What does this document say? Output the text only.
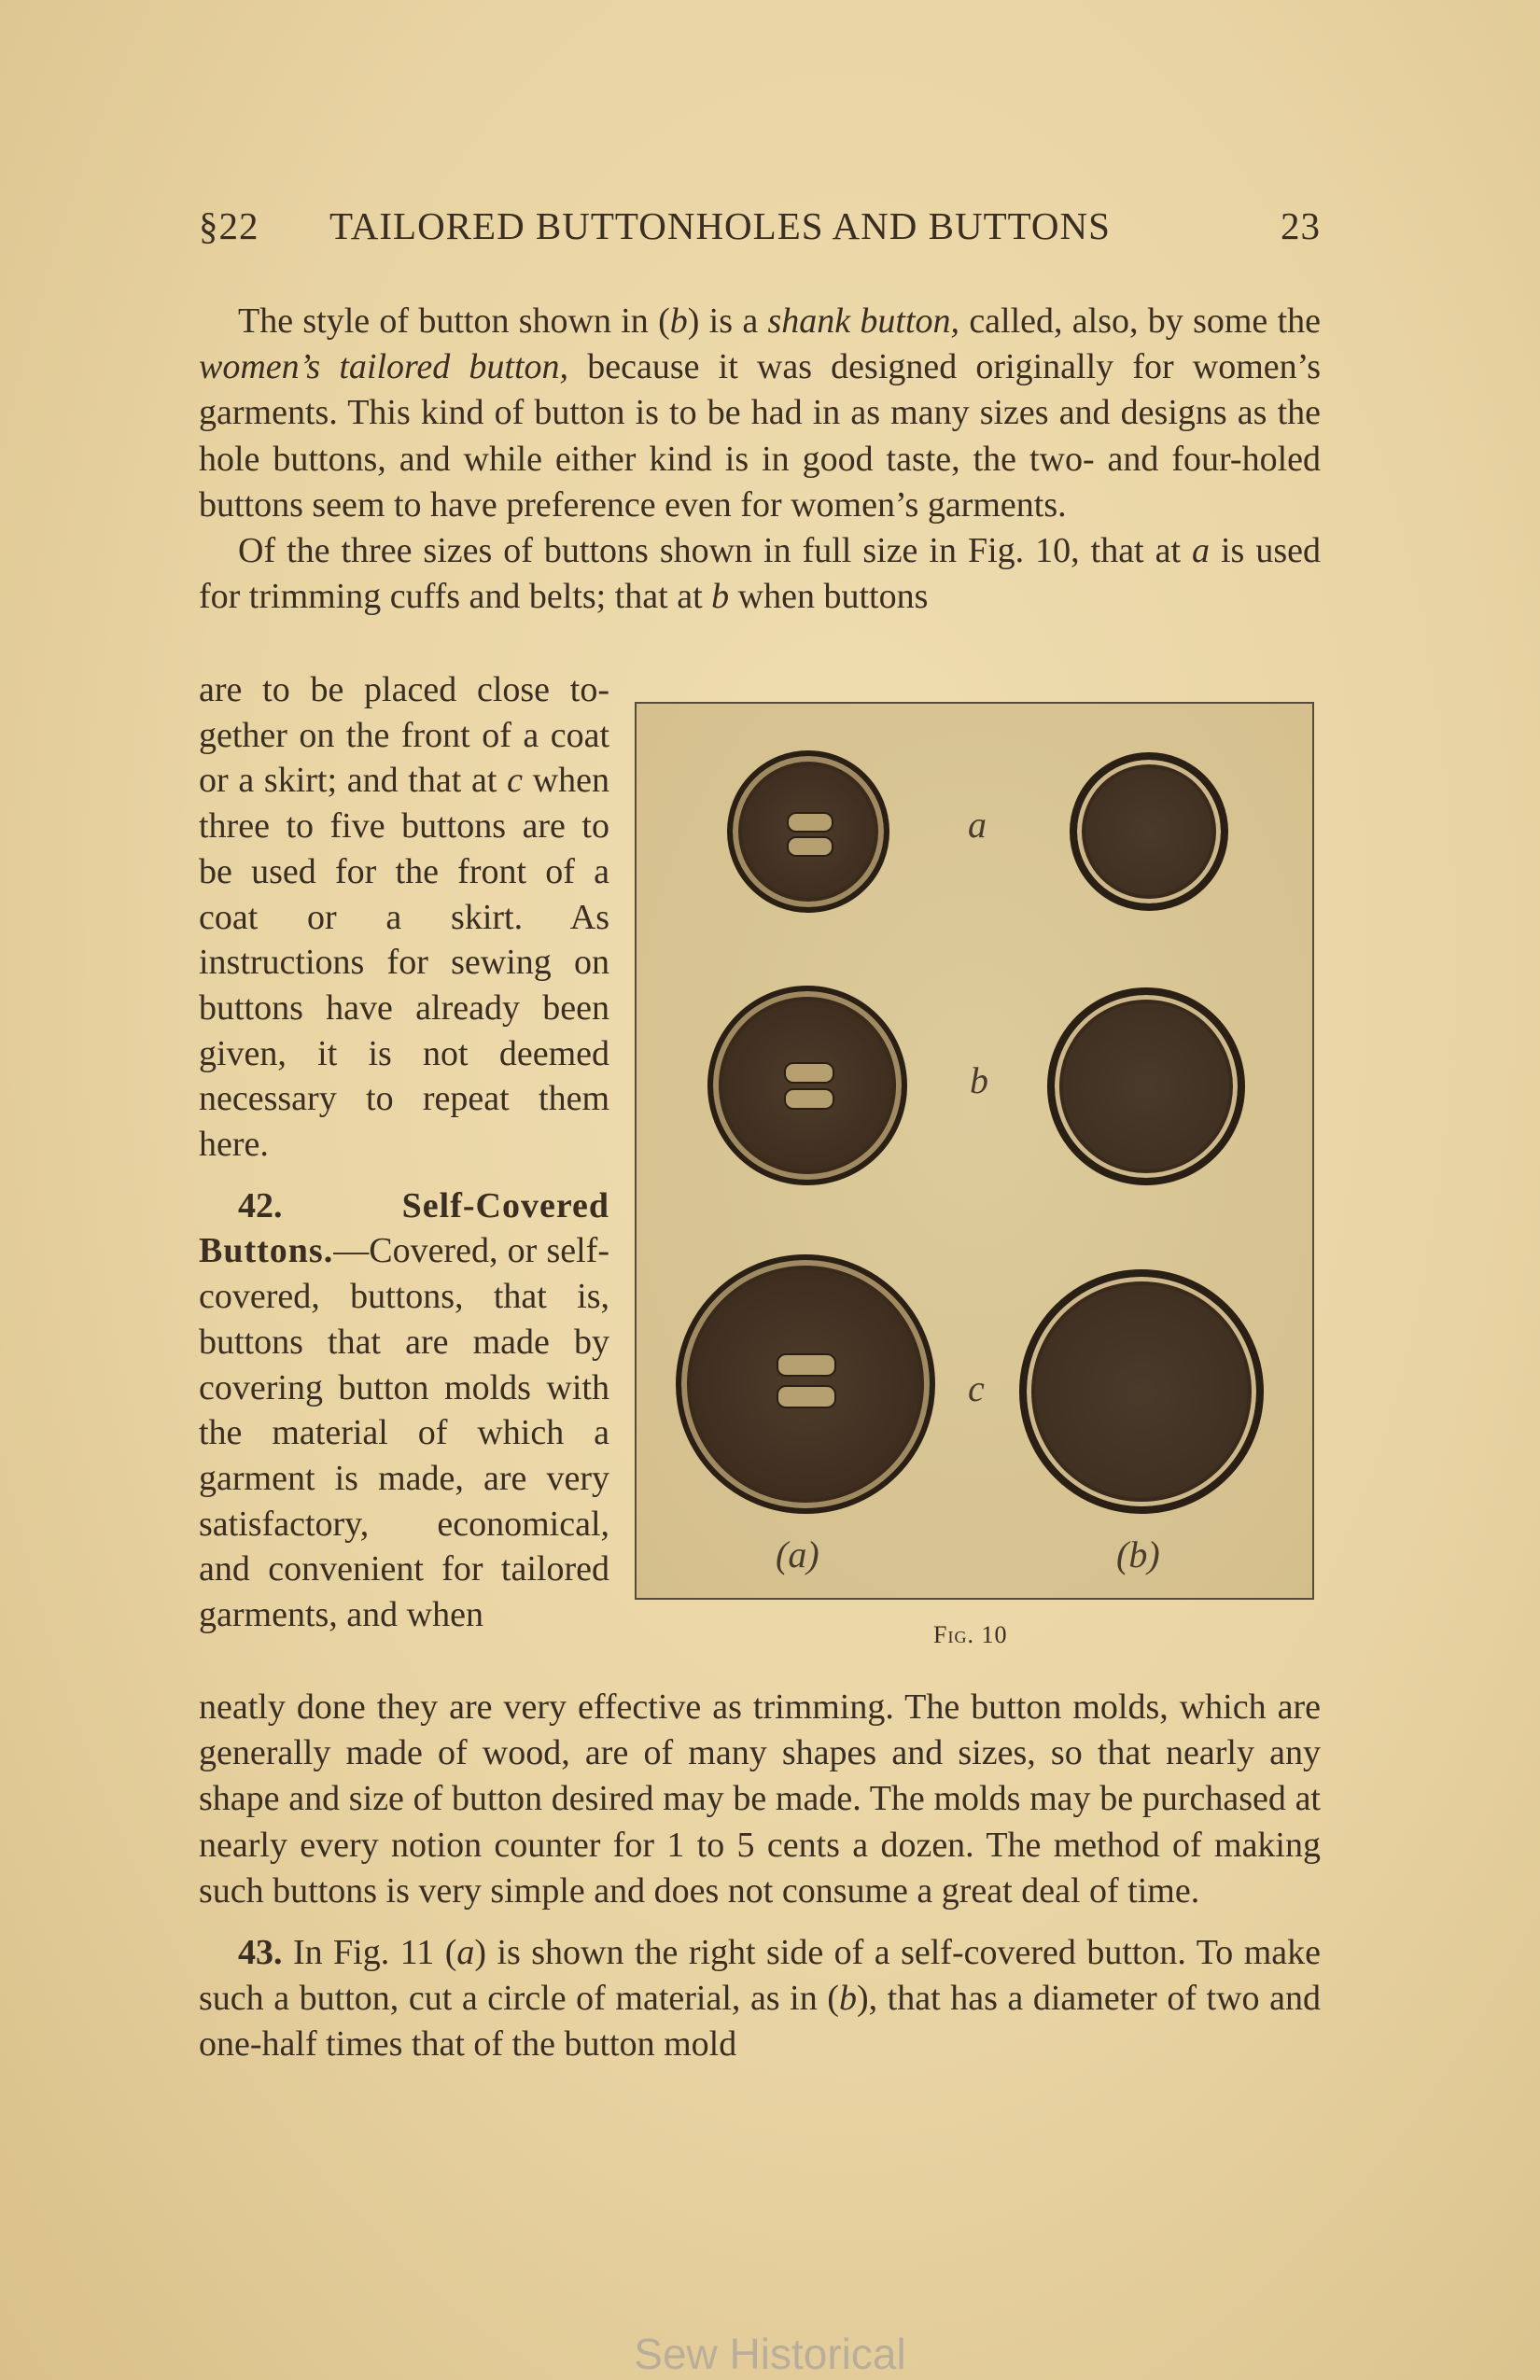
§22 TAILORED BUTTONHOLES AND BUTTONS	23

The style of button shown in (b) is a shank button, called, also, by some the women’s tailored button, because it was designed originally for women’s garments. This kind of button is to be had in as many sizes and designs as the hole buttons, and while either kind is in good taste, the two- and four-holed buttons seem to have preference even for women’s garments.

Of the three sizes of buttons shown in full size in Fig. 10, that at a is used for trimming cuffs and belts; that at b when buttons

are to be placed close together on the front of a coat or a skirt; and that at c when three to five buttons are to be used for the front of a coat or a skirt. As instructions for sewing on buttons have already been given, it is not deemed necessary to repeat them here.

42.	Self-Covered Buttons.—Covered, or self-covered, buttons, that is, buttons that are made by covering button molds with the material of which a garment is made, are very satisfactory, economical, and convenient for tailored garments, and when

a
b
c
(a)	(b)
Fig. 10

neatly done they are very effective as trimming. The button molds, which are generally made of wood, are of many shapes and sizes, so that nearly any shape and size of button desired may be made. The molds may be purchased at nearly every notion counter for 1 to 5 cents a dozen. The method of making such buttons is very simple and does not consume a great deal of time.

43. In Fig. 11 (a) is shown the right side of a self-covered button. To make such a button, cut a circle of material, as in (b), that has a diameter of two and one-half times that of the button mold

Sew Historical
